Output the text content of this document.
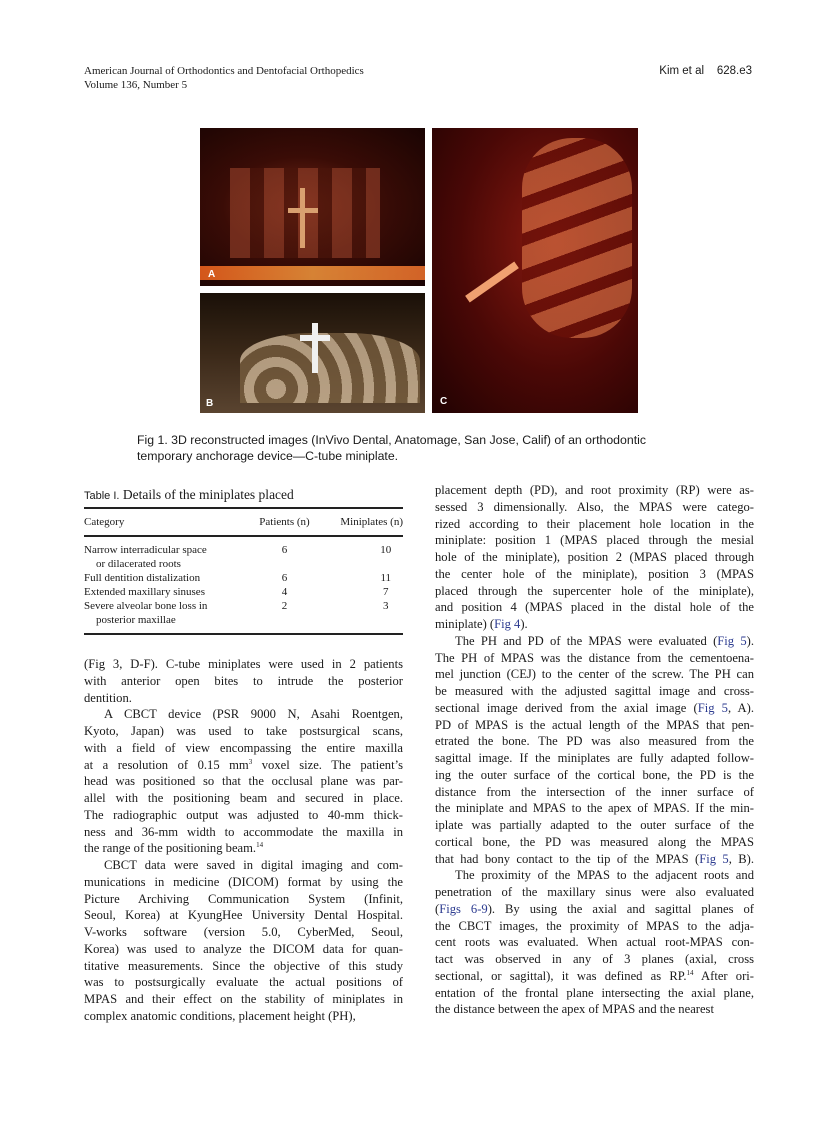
American Journal of Orthodontics and Dentofacial Orthopedics
Volume 136, Number 5
Kim et al 628.e3
A
B	C
Fig 1. 3D reconstructed images (InVivo Dental, Anatomage, San Jose, Calif) of an orthodontic
temporary anchorage device—C-tube miniplate.
Table I. Details of the miniplates placed
Category	Patients (n)	Miniplates (n)
Narrow interradicular space	6	10
or dilacerated roots		
Full dentition distalization	6	11
Extended maxillary sinuses	4	7
Severe alveolar bone loss in	2	3
posterior maxillae		
(Fig 3, D-F). C-tube miniplates were used in 2 patients
with anterior open bites to intrude the posterior
dentition.
A CBCT device (PSR 9000 N, Asahi Roentgen,
Kyoto, Japan) was used to take postsurgical scans,
with a field of view encompassing the entire maxilla
at a resolution of 0.15 $mm^3$ voxel size. The patient’s
head was positioned so that the occlusal plane was par-
allel with the positioning beam and secured in place.
The radiographic output was adjusted to 40-mm thick-
ness and 36-mm width to accommodate the maxilla in
the range of the positioning beam.$^{14}$
CBCT data were saved in digital imaging and com-
munications in medicine (DICOM) format by using the
Picture Archiving Communication System (Infinit,
Seoul, Korea) at KyungHee University Dental Hospital.
V-works software (version 5.0, CyberMed, Seoul,
Korea) was used to analyze the DICOM data for quan-
titative measurements. Since the objective of this study
was to postsurgically evaluate the actual positions of
MPAS and their effect on the stability of miniplates in
complex anatomic conditions, placement height (PH),
placement depth (PD), and root proximity (RP) were as-
sessed 3 dimensionally. Also, the MPAS were catego-
rized according to their placement hole location in the
miniplate: position 1 (MPAS placed through the mesial
hole of the miniplate), position 2 (MPAS placed through
the center hole of the miniplate), position 3 (MPAS
placed through the supercenter hole of the miniplate),
and position 4 (MPAS placed in the distal hole of the
miniplate) (Fig 4).
The PH and PD of the MPAS were evaluated (Fig 5).
The PH of MPAS was the distance from the cementoena-
mel junction (CEJ) to the center of the screw. The PH can
be measured with the adjusted sagittal image and cross-
sectional image derived from the axial image (Fig 5, A).
PD of MPAS is the actual length of the MPAS that pen-
etrated the bone. The PD was also measured from the
sagittal image. If the miniplates are fully adapted follow-
ing the outer surface of the cortical bone, the PD is the
distance from the intersection of the inner surface of
the miniplate and MPAS to the apex of MPAS. If the min-
iplate was partially adapted to the outer surface of the
cortical bone, the PD was measured along the MPAS
that had bony contact to the tip of the MPAS (Fig 5, B).
The proximity of the MPAS to the adjacent roots and
penetration of the maxillary sinus were also evaluated
(Figs 6-9). By using the axial and sagittal planes of
the CBCT images, the proximity of MPAS to the adja-
cent roots was evaluated. When actual root-MPAS con-
tact was observed in any of 3 planes (axial, cross
sectional, or sagittal), it was defined as RP.$^{14}$ After ori-
entation of the frontal plane intersecting the axial plane,
the distance between the apex of MPAS and the nearest
